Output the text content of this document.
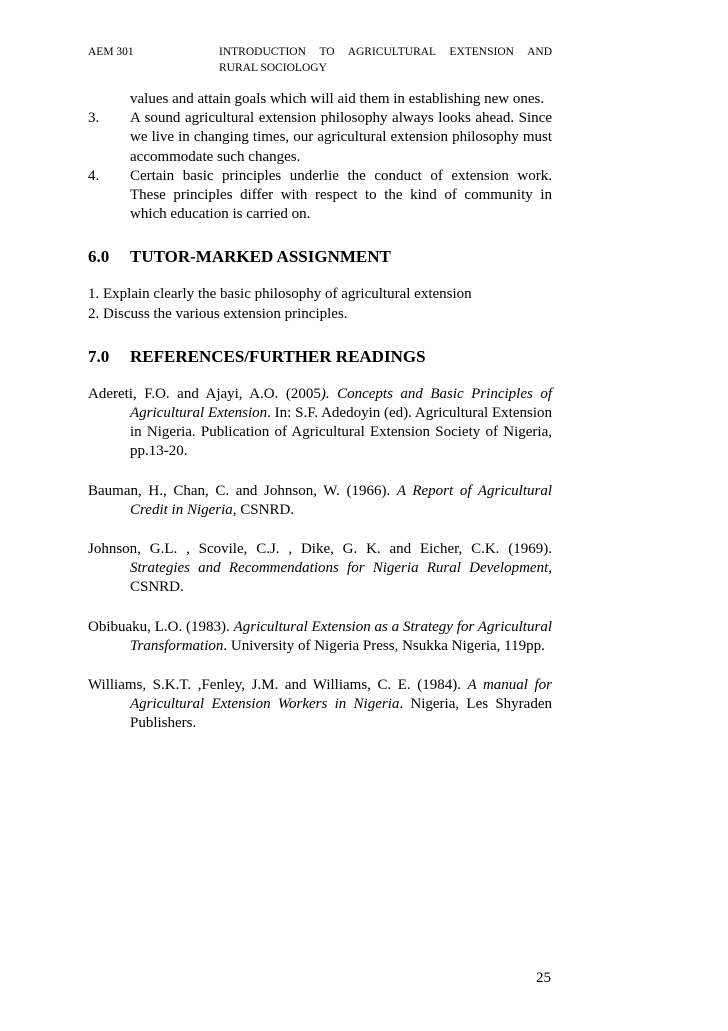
AEM 301	INTRODUCTION TO AGRICULTURAL EXTENSION AND
RURAL SOCIOLOGY
values and attain goals which will aid them in establishing new ones.
3. A sound agricultural extension philosophy always looks ahead. Since we live in changing times, our agricultural extension philosophy must accommodate such changes.
4. Certain basic principles underlie the conduct of extension work. These principles differ with respect to the kind of community in which education is carried on.
6.0	TUTOR-MARKED ASSIGNMENT

1. Explain clearly the basic philosophy of agricultural extension

2. Discuss the various extension principles.

7.0	REFERENCES/FURTHER READINGS

Adereti, F.O. and Ajayi, A.O. (2005). Concepts and Basic Principles of Agricultural Extension. In: S.F. Adedoyin (ed). Agricultural Extension in Nigeria. Publication of Agricultural Extension Society of Nigeria, pp.13-20.

Bauman, H., Chan, C. and Johnson, W. (1966). A Report of Agricultural Credit in Nigeria, CSNRD.

Johnson, G.L. , Scovile, C.J. , Dike, G. K. and Eicher, C.K. (1969). Strategies and Recommendations for Nigeria Rural Development, CSNRD.

Obibuaku, L.O. (1983). Agricultural Extension as a Strategy for Agricultural Transformation. University of Nigeria Press, Nsukka Nigeria, 119pp.

Williams, S.K.T. ,Fenley, J.M. and Williams, C. E. (1984). A manual for Agricultural Extension Workers in Nigeria. Nigeria, Les Shyraden Publishers.

25
